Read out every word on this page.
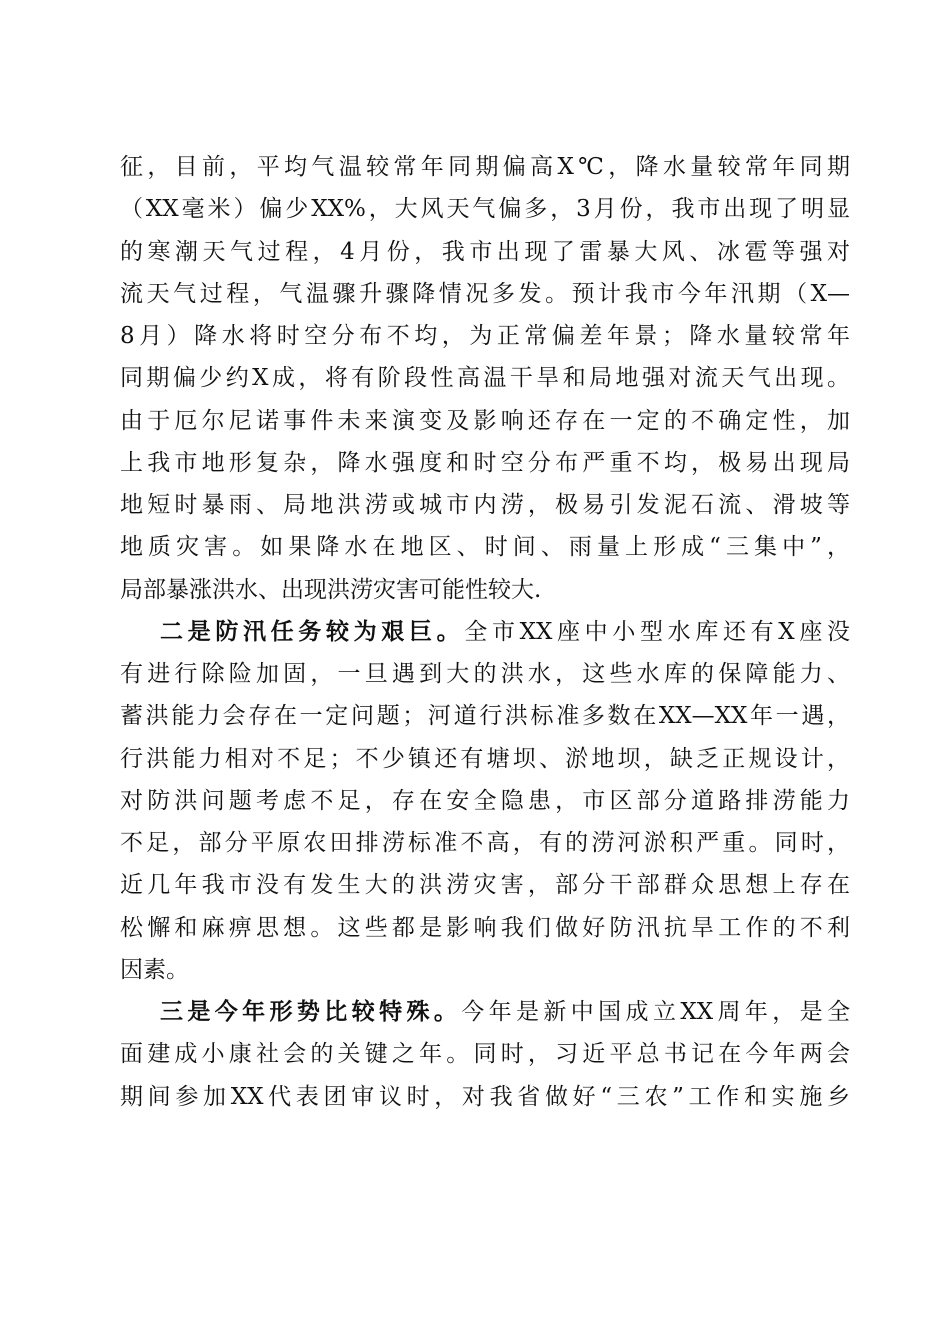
征，目前，平均气温较常年同期偏高X℃，降水量较常年同期
（XX毫米）偏少XX%，大风天气偏多，3月份，我市出现了明显
的寒潮天气过程，4月份，我市出现了雷暴大风、冰雹等强对
流天气过程，气温骤升骤降情况多发。预计我市今年汛期（X—
8月）降水将时空分布不均，为正常偏差年景；降水量较常年
同期偏少约X成，将有阶段性高温干旱和局地强对流天气出现。
由于厄尔尼诺事件未来演变及影响还存在一定的不确定性，加
上我市地形复杂，降水强度和时空分布严重不均，极易出现局
地短时暴雨、局地洪涝或城市内涝，极易引发泥石流、滑坡等
地质灾害。如果降水在地区、时间、雨量上形成“三集中”，
局部暴涨洪水、出现洪涝灾害可能性较大.
二是防汛任务较为艰巨。全市XX座中小型水库还有X座没
有进行除险加固，一旦遇到大的洪水，这些水库的保障能力、
蓄洪能力会存在一定问题；河道行洪标准多数在XX—XX年一遇，
行洪能力相对不足；不少镇还有塘坝、淤地坝，缺乏正规设计，
对防洪问题考虑不足，存在安全隐患，市区部分道路排涝能力
不足，部分平原农田排涝标准不高，有的涝河淤积严重。同时，
近几年我市没有发生大的洪涝灾害，部分干部群众思想上存在
松懈和麻痹思想。这些都是影响我们做好防汛抗旱工作的不利
因素。
三是今年形势比较特殊。今年是新中国成立XX周年，是全
面建成小康社会的关键之年。同时，习近平总书记在今年两会
期间参加XX代表团审议时，对我省做好“三农”工作和实施乡
